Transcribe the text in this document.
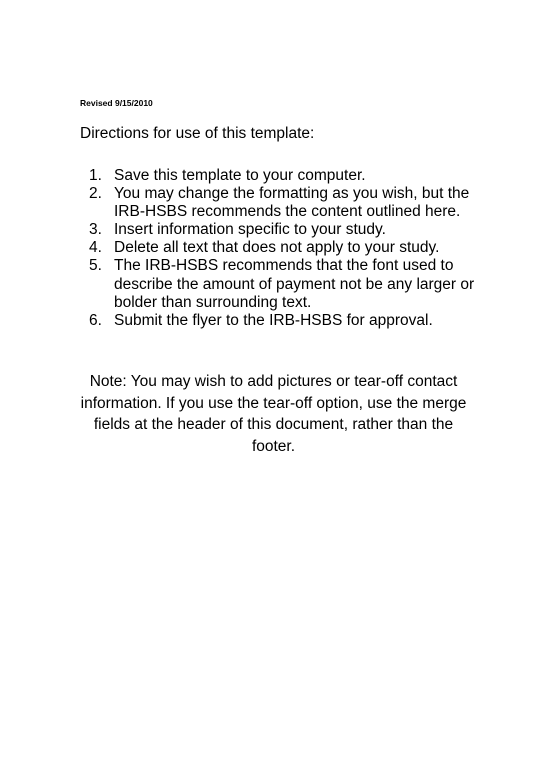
Revised 9/15/2010
Directions for use of this template:
1. Save this template to your computer.
2. You may change the formatting as you wish, but the IRB-HSBS recommends the content outlined here.
3. Insert information specific to your study.
4. Delete all text that does not apply to your study.
5. The IRB-HSBS recommends that the font used to describe the amount of payment not be any larger or bolder than surrounding text.
6. Submit the flyer to the IRB-HSBS for approval.

Note: You may wish to add pictures or tear-off contact information. If you use the tear-off option, use the merge fields at the header of this document, rather than the footer.
